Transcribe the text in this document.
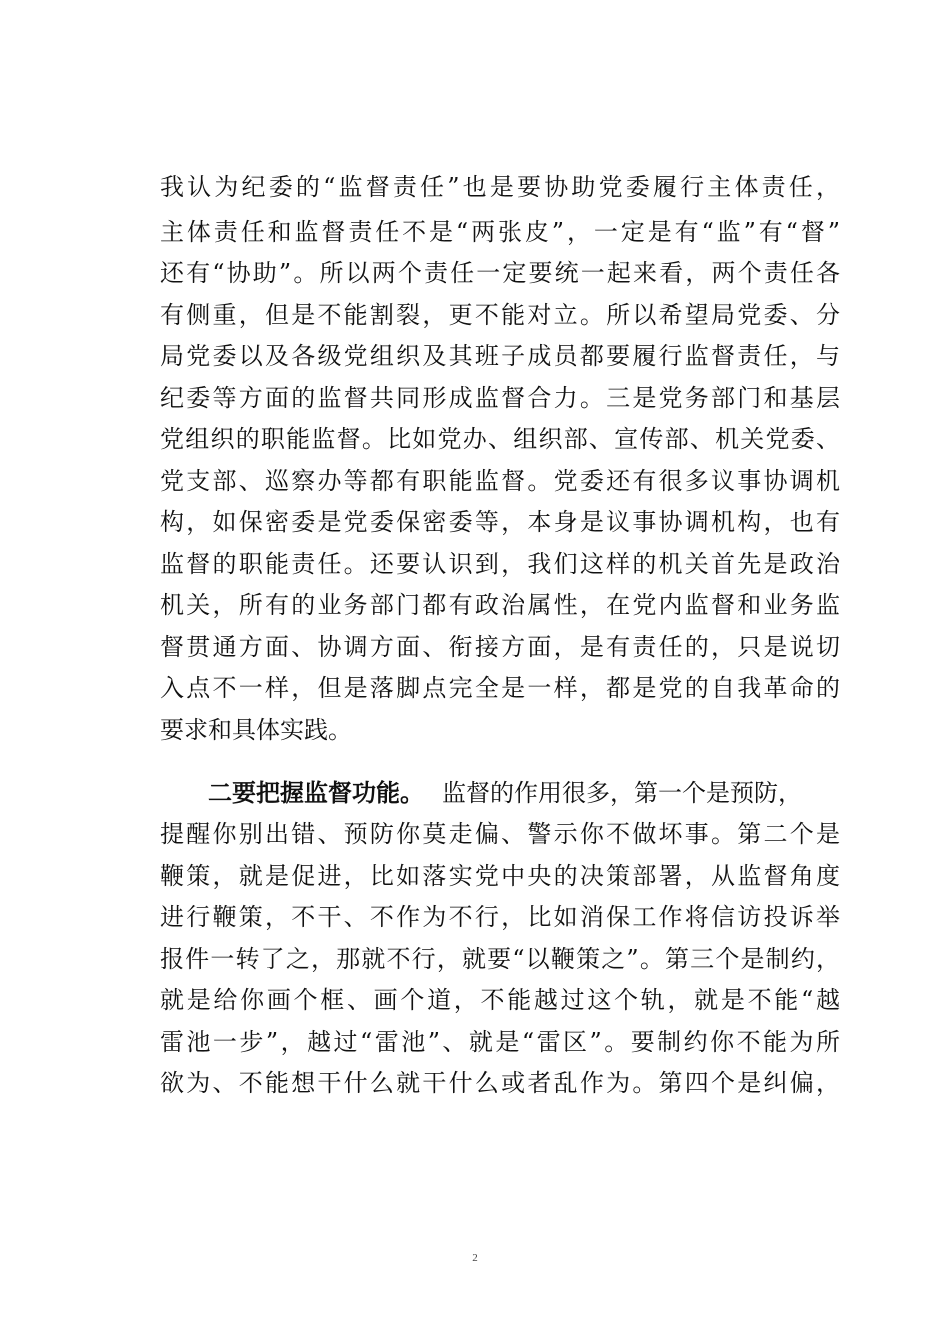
我认为纪委的“监督责任”也是要协助党委履行主体责任，

主体责任和监督责任不是“两张皮”，一定是有“监”有“督”

还有“协助”。所以两个责任一定要统一起来看，两个责任各

有侧重，但是不能割裂，更不能对立。所以希望局党委、分

局党委以及各级党组织及其班子成员都要履行监督责任，与

纪委等方面的监督共同形成监督合力。三是党务部门和基层

党组织的职能监督。比如党办、组织部、宣传部、机关党委、

党支部、巡察办等都有职能监督。党委还有很多议事协调机

构，如保密委是党委保密委等，本身是议事协调机构，也有

监督的职能责任。还要认识到，我们这样的机关首先是政治

机关，所有的业务部门都有政治属性，在党内监督和业务监

督贯通方面、协调方面、衔接方面，是有责任的，只是说切

入点不一样，但是落脚点完全是一样，都是党的自我革命的

要求和具体实践。

二要把握监督功能。 监督的作用很多，第一个是预防，

提醒你别出错、预防你莫走偏、警示你不做坏事。第二个是

鞭策，就是促进，比如落实党中央的决策部署，从监督角度

进行鞭策，不干、不作为不行，比如消保工作将信访投诉举

报件一转了之，那就不行，就要“以鞭策之”。第三个是制约，

就是给你画个框、画个道，不能越过这个轨，就是不能“越

雷池一步”，越过“雷池”、就是“雷区”。要制约你不能为所

欲为、不能想干什么就干什么或者乱作为。第四个是纠偏，

2
